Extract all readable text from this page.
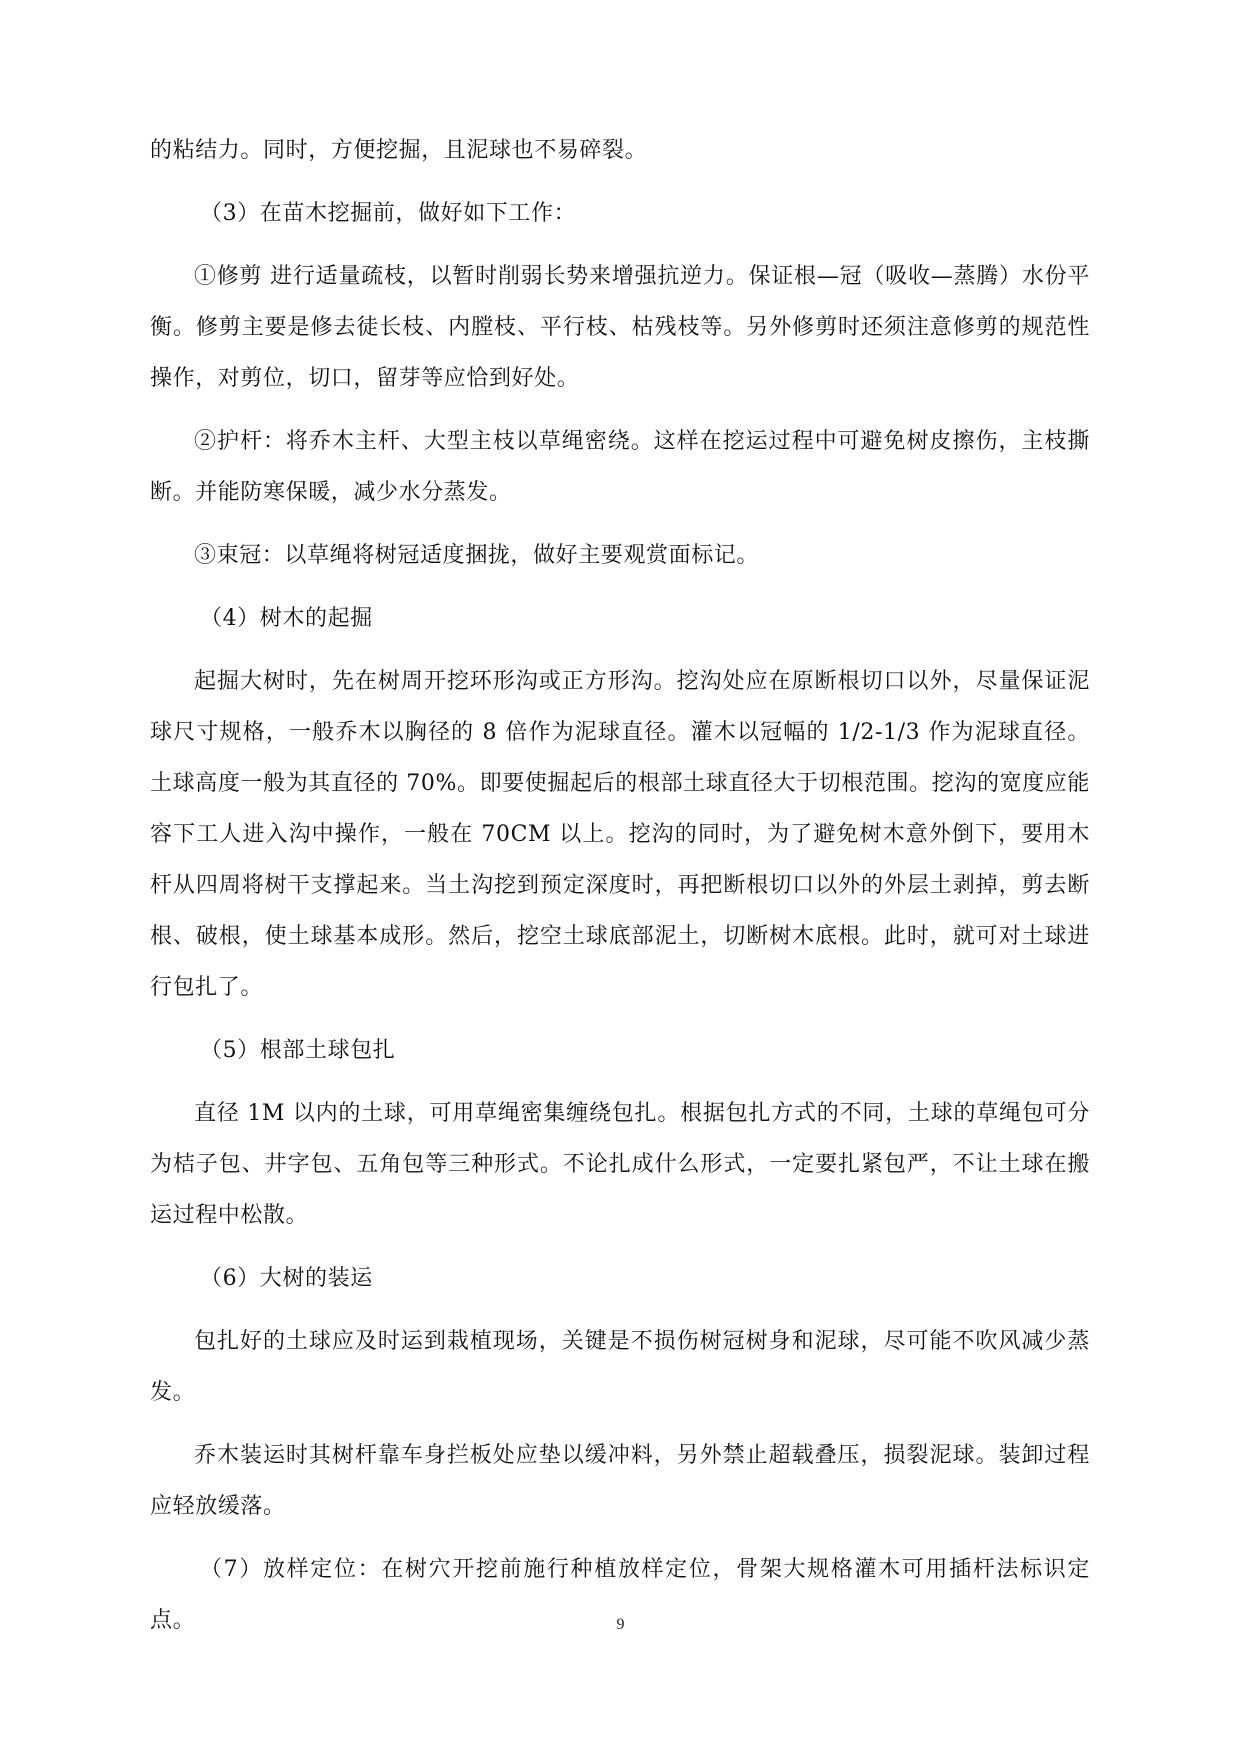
的粘结力。同时，方便挖掘，且泥球也不易碎裂。

（3）在苗木挖掘前，做好如下工作：

①修剪 进行适量疏枝，以暂时削弱长势来增强抗逆力。保证根—冠（吸收—蒸腾）水份平衡。修剪主要是修去徒长枝、内膛枝、平行枝、枯残枝等。另外修剪时还须注意修剪的规范性操作，对剪位，切口，留芽等应恰到好处。

②护杆：将乔木主杆、大型主枝以草绳密绕。这样在挖运过程中可避免树皮擦伤，主枝撕断。并能防寒保暖，减少水分蒸发。

③束冠：以草绳将树冠适度捆拢，做好主要观赏面标记。

（4）树木的起掘

起掘大树时，先在树周开挖环形沟或正方形沟。挖沟处应在原断根切口以外，尽量保证泥球尺寸规格，一般乔木以胸径的 8 倍作为泥球直径。灌木以冠幅的 1/2-1/3 作为泥球直径。土球高度一般为其直径的 70%。即要使掘起后的根部土球直径大于切根范围。挖沟的宽度应能容下工人进入沟中操作，一般在 70CM 以上。挖沟的同时，为了避免树木意外倒下，要用木杆从四周将树干支撑起来。当土沟挖到预定深度时，再把断根切口以外的外层土剥掉，剪去断根、破根，使土球基本成形。然后，挖空土球底部泥土，切断树木底根。此时，就可对土球进行包扎了。

（5）根部土球包扎

直径 1M 以内的土球，可用草绳密集缠绕包扎。根据包扎方式的不同，土球的草绳包可分为桔子包、井字包、五角包等三种形式。不论扎成什么形式，一定要扎紧包严，不让土球在搬运过程中松散。

（6）大树的装运

包扎好的土球应及时运到栽植现场，关键是不损伤树冠树身和泥球，尽可能不吹风减少蒸发。

乔木装运时其树杆靠车身拦板处应垫以缓冲料，另外禁止超载叠压，损裂泥球。装卸过程应轻放缓落。

（7）放样定位：在树穴开挖前施行种植放样定位，骨架大规格灌木可用插杆法标识定点。	9
